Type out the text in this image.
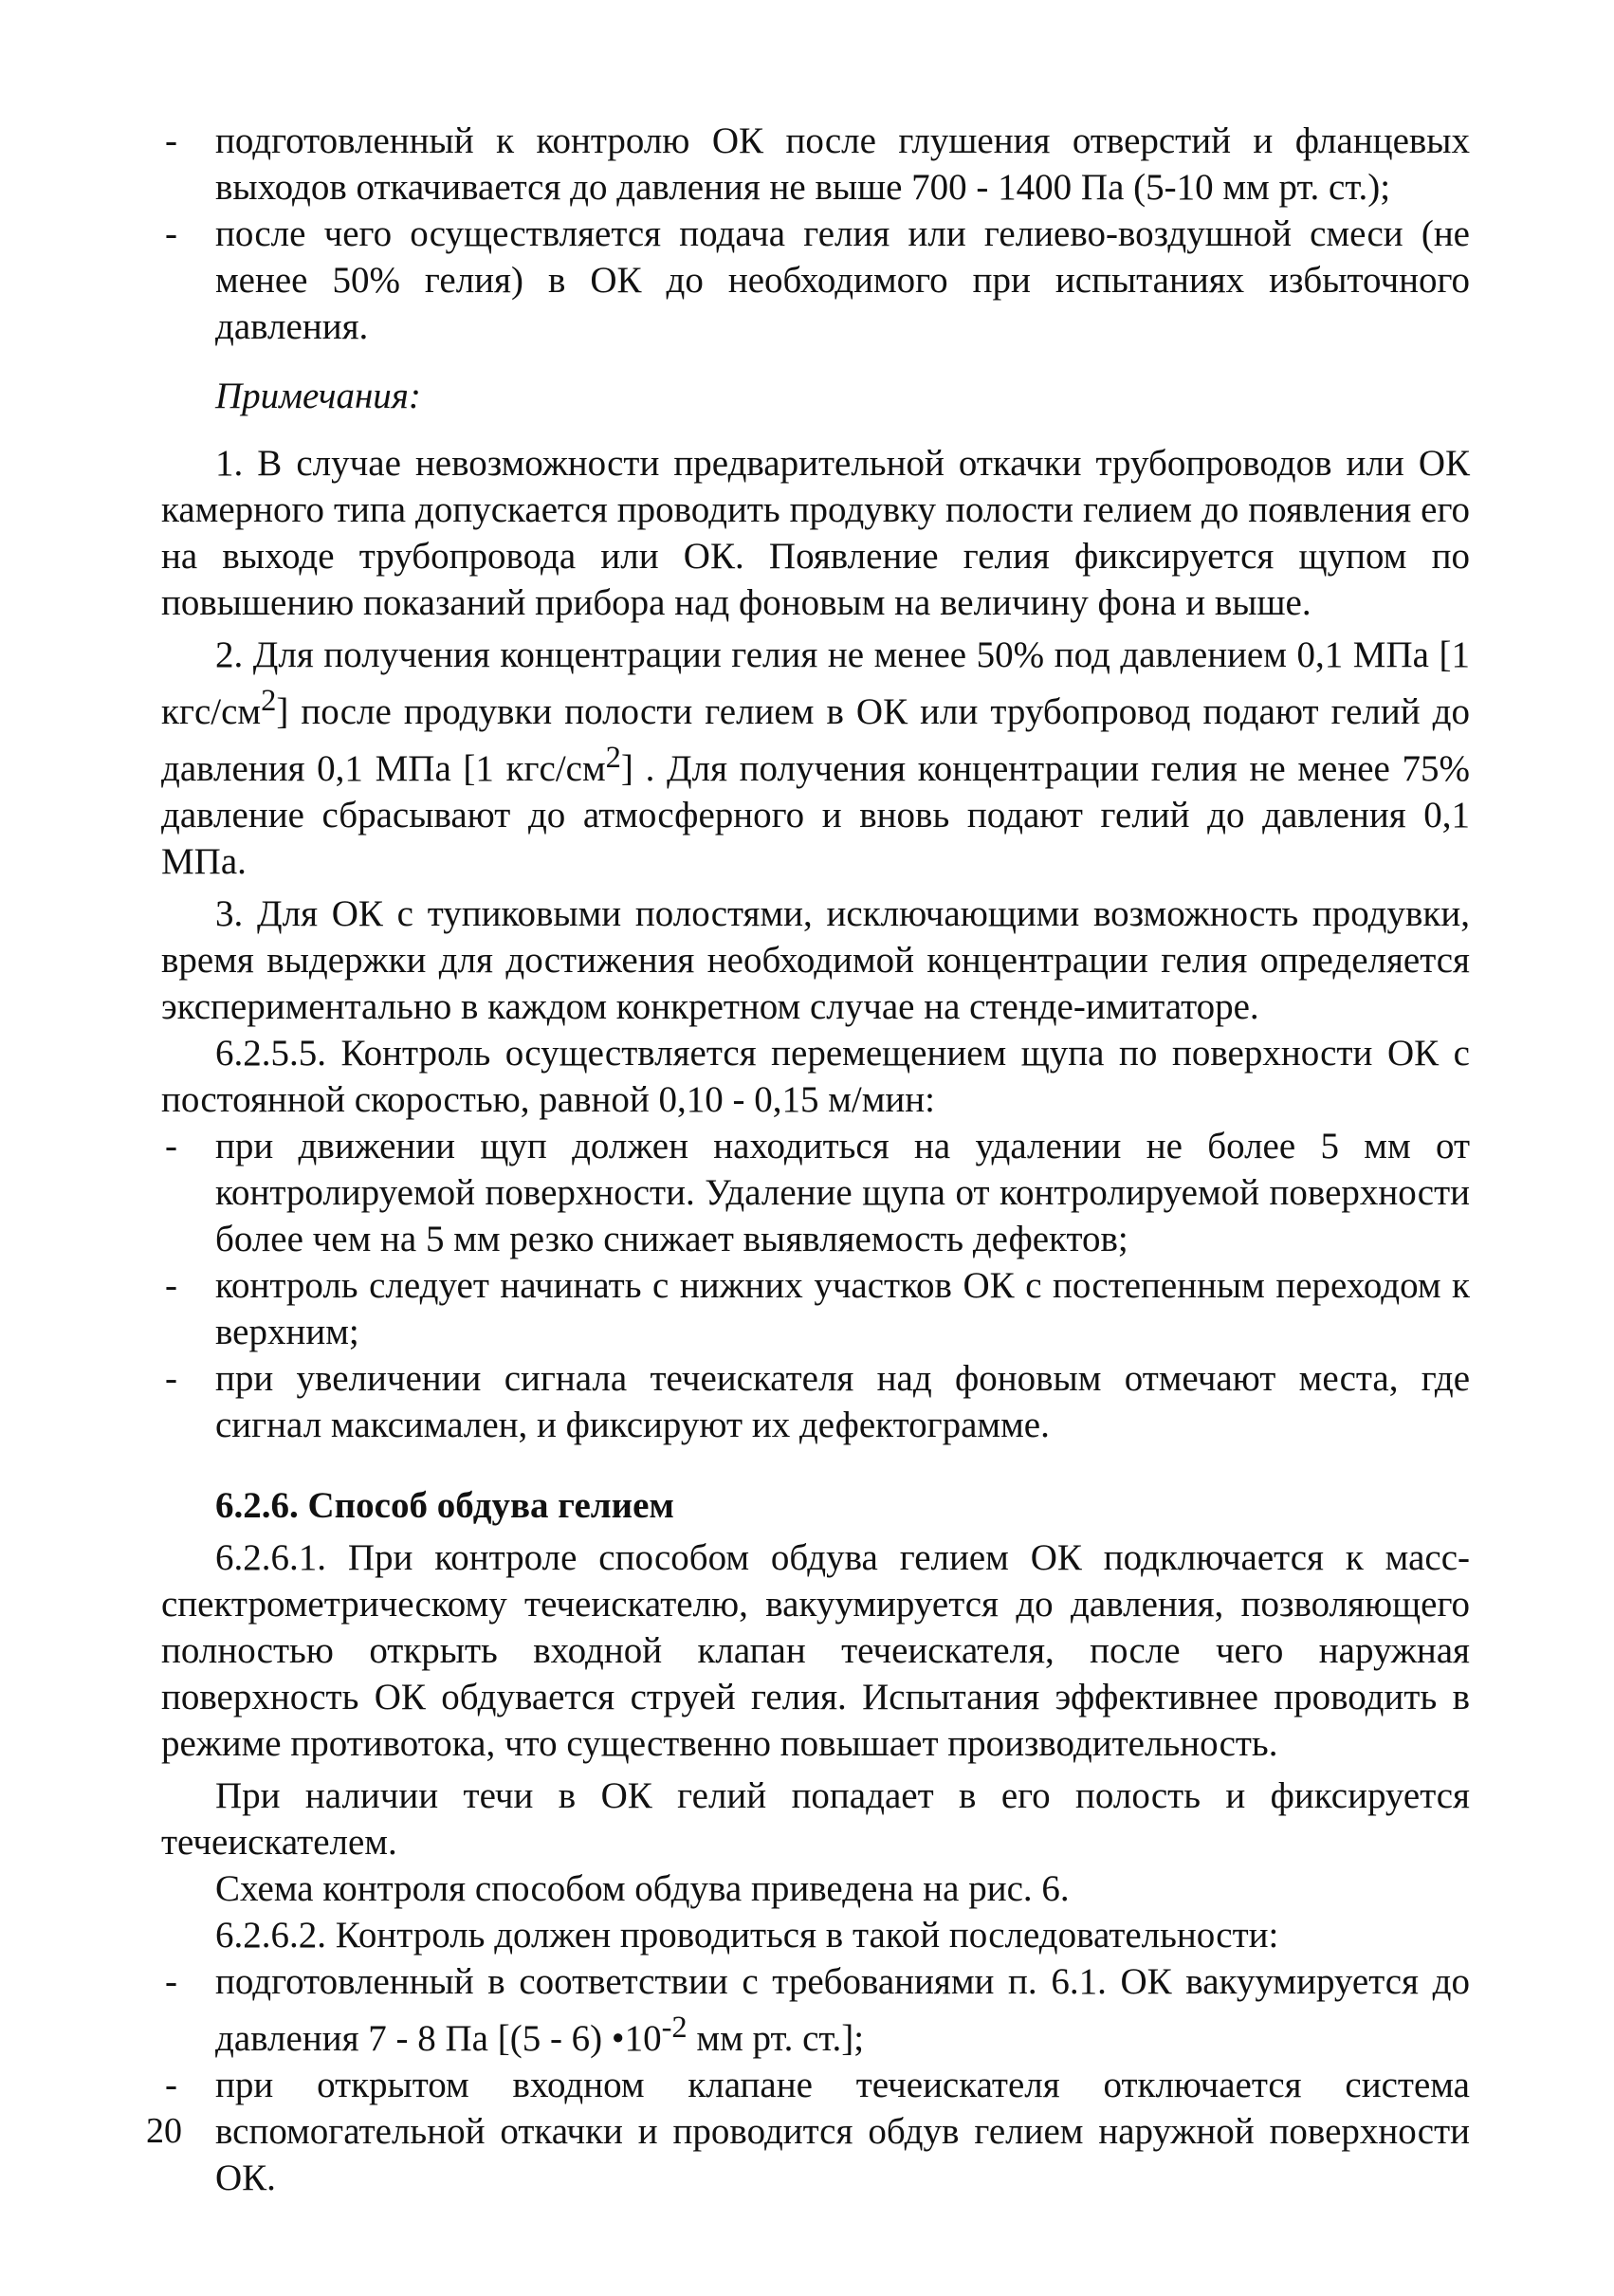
- подготовленный к контролю ОК после глушения отверстий и фланцевых выходов откачивается до давления не выше 700 - 1400 Па (5-10 мм рт. ст.);

- после чего осуществляется подача гелия или гелиево-воздушной смеси (не менее 50% гелия) в ОК до необходимого при испытаниях избыточного давления.

Примечания:

1. В случае невозможности предварительной откачки трубопроводов или ОК камерного типа допускается проводить продувку полости гелием до появления его на выходе трубопровода или ОК. Появление гелия фиксируется щупом по повышению показаний прибора над фоновым на величину фона и выше.

2. Для получения концентрации гелия не менее 50% под давлением 0,1 МПа [1 кгс/$см^2$] после продувки полости гелием в ОК или трубопровод подают гелий до давления 0,1 МПа [1 кгс/$см^2$] . Для получения концентрации гелия не менее 75% давление сбрасывают до атмосферного и вновь подают гелий до давления 0,1 МПа.

3. Для ОК с тупиковыми полостями, исключающими возможность продувки, время выдержки для достижения необходимой концентрации гелия определяется экспериментально в каждом конкретном случае на стенде-имитаторе.

6.2.5.5. Контроль осуществляется перемещением щупа по поверхности ОК с постоянной скоростью, равной 0,10 - 0,15 м/мин:

- при движении щуп должен находиться на удалении не более 5 мм от контролируемой поверхности. Удаление щупа от контролируемой поверхности более чем на 5 мм резко снижает выявляемость дефектов;

- контроль следует начинать с нижних участков ОК с постепенным переходом к верхним;

- при увеличении сигнала течеискателя над фоновым отмечают места, где сигнал максимален, и фиксируют их дефектограмме.

6.2.6. Способ обдува гелием

6.2.6.1. При контроле способом обдува гелием ОК подключается к масс-спектрометрическому течеискателю, вакуумируется до давления, позволяющего полностью открыть входной клапан течеискателя, после чего наружная поверхность ОК обдувается струей гелия. Испытания эффективнее проводить в режиме противотока, что существенно повышает производительность.

При наличии течи в ОК гелий попадает в его полость и фиксируется течеискателем.

Схема контроля способом обдува приведена на рис. 6.

6.2.6.2. Контроль должен проводиться в такой последовательности:

- подготовленный в соответствии с требованиями п. 6.1. ОК вакуумируется до давления 7 - 8 Па [(5 - 6) $•10^{-2}$ мм рт. ст.];

- при открытом входном клапане течеискателя отключается система вспомогательной откачки и проводится обдув гелием наружной поверхности ОК.

20
